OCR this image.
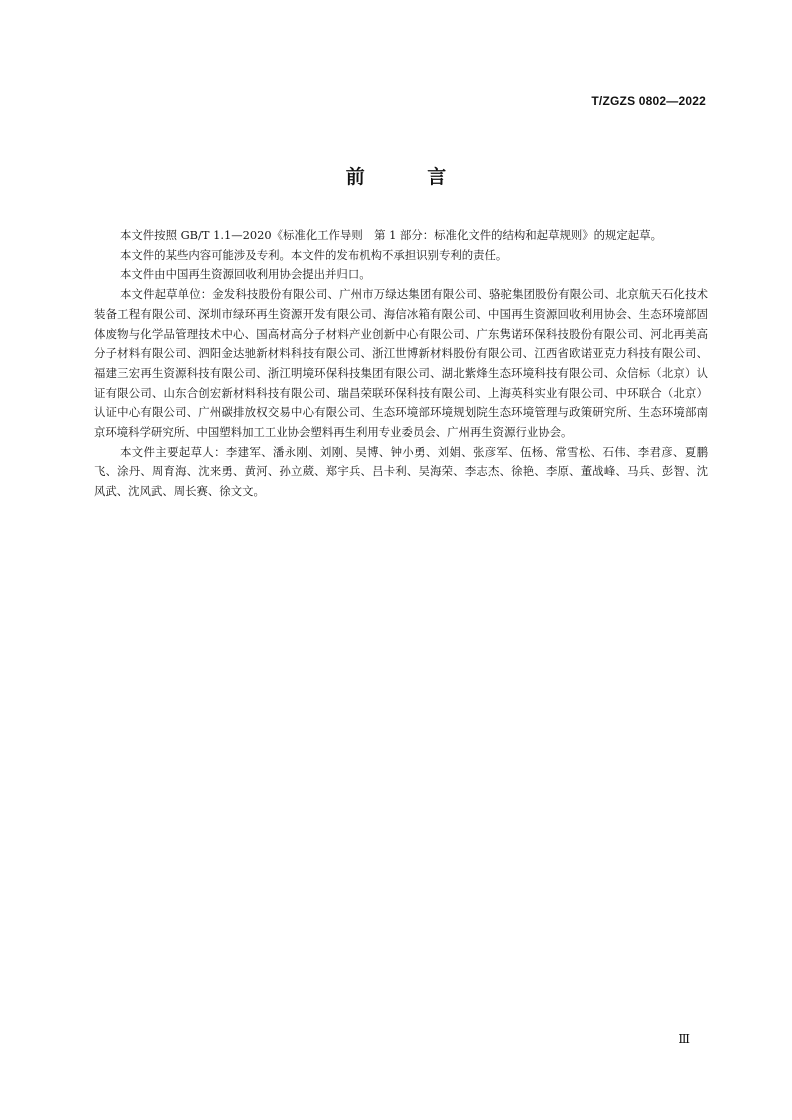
T/ZGZS 0802—2022
前 言

本文件按照 GB/T 1.1—2020《标准化工作导则　第 1 部分：标准化文件的结构和起草规则》的规定起草。

本文件的某些内容可能涉及专利。本文件的发布机构不承担识别专利的责任。

本文件由中国再生资源回收利用协会提出并归口。

本文件起草单位：金发科技股份有限公司、广州市万绿达集团有限公司、骆驼集团股份有限公司、北京航天石化技术装备工程有限公司、深圳市绿环再生资源开发有限公司、海信冰箱有限公司、中国再生资源回收利用协会、生态环境部固体废物与化学品管理技术中心、国高材高分子材料产业创新中心有限公司、广东隽诺环保科技股份有限公司、河北再美高分子材料有限公司、泗阳金达驰新材料科技有限公司、浙江世博新材料股份有限公司、江西省欧诺亚克力科技有限公司、福建三宏再生资源科技有限公司、浙江明境环保科技集团有限公司、湖北紫烽生态环境科技有限公司、众信标（北京）认证有限公司、山东合创宏新材料科技有限公司、瑞昌荣联环保科技有限公司、上海英科实业有限公司、中环联合（北京）认证中心有限公司、广州碳排放权交易中心有限公司、生态环境部环境规划院生态环境管理与政策研究所、生态环境部南京环境科学研究所、中国塑料加工工业协会塑料再生利用专业委员会、广州再生资源行业协会。

本文件主要起草人：李建军、潘永刚、刘刚、吴博、钟小勇、刘娟、张彦军、伍杨、常雪松、石伟、李君彦、夏鹏飞、涂丹、周育海、沈来勇、黄河、孙立葳、郑宇兵、吕卡利、吴海荣、李志杰、徐艳、李原、董战峰、马兵、彭智、沈风武、沈风武、周长赛、徐文文。

Ⅲ
